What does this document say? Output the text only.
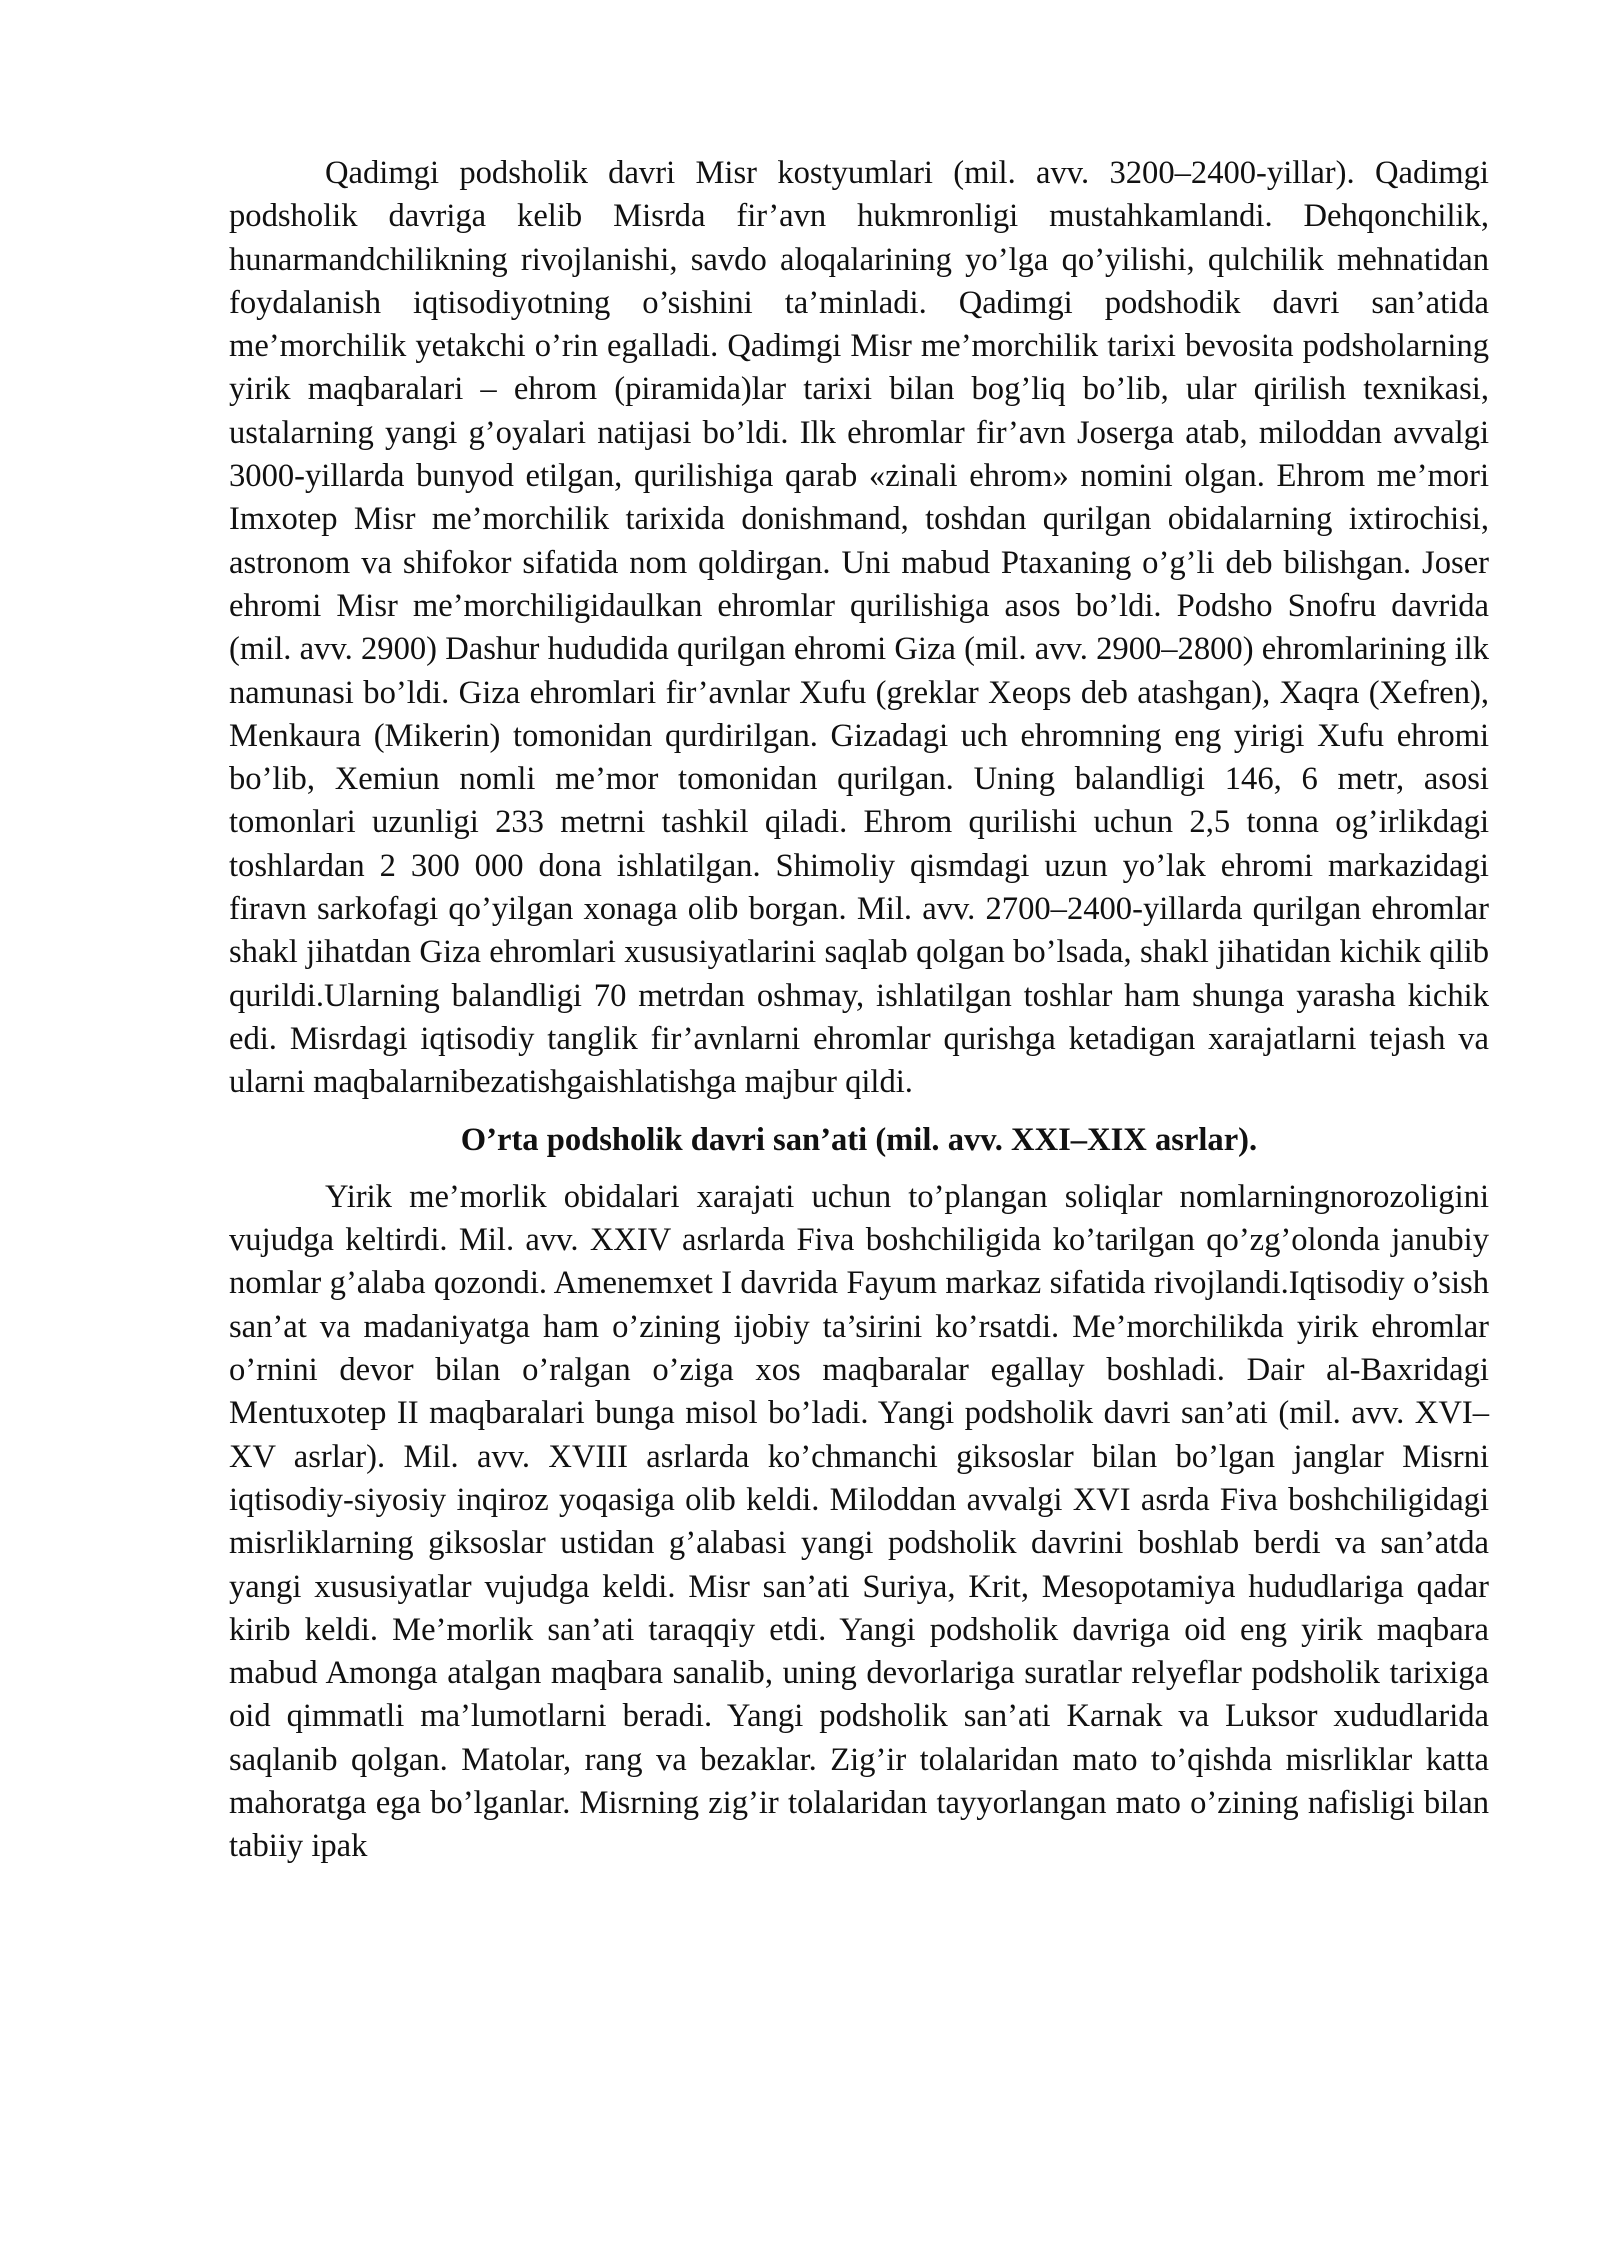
Qadimgi podsholik davri Misr kostyumlari (mil. avv. 3200–2400-yillar). Qadimgi podsholik davriga kelib Misrda fir’avn hukmronligi mustahkamlandi. Dehqonchilik, hunarmandchilikning rivojlanishi, savdo aloqalarining yo’lga qo’yilishi, qulchilik mehnatidan foydalanish iqtisodiyotning o’sishini ta’minladi. Qadimgi podshodik davri san’atida me’morchilik yetakchi o’rin egalladi. Qadimgi Misr me’morchilik tarixi bevosita podsholarning yirik maqbaralari – ehrom (piramida)lar tarixi bilan bog’liq bo’lib, ular qirilish texnikasi, ustalarning yangi g’oyalari natijasi bo’ldi. Ilk ehromlar fir’avn Joserga atab, miloddan avvalgi 3000-yillarda bunyod etilgan, qurilishiga qarab «zinali ehrom» nomini olgan. Ehrom me’mori Imxotep Misr me’morchilik tarixida donishmand, toshdan qurilgan obidalarning ixtirochisi, astronom va shifokor sifatida nom qoldirgan. Uni mabud Ptaxaning o’g’li deb bilishgan. Joser ehromi Misr me’morchiligidaulkan ehromlar qurilishiga asos bo’ldi. Podsho Snofru davrida (mil. avv. 2900) Dashur hududida qurilgan ehromi Giza (mil. avv. 2900–2800) ehromlarining ilk namunasi bo’ldi. Giza ehromlari fir’avnlar Xufu (greklar Xeops deb atashgan), Xaqra (Xefren), Menkaura (Mikerin) tomonidan qurdirilgan. Gizadagi uch ehromning eng yirigi Xufu ehromi bo’lib, Xemiun nomli me’mor tomonidan qurilgan. Uning balandligi 146, 6 metr, asosi tomonlari uzunligi 233 metrni tashkil qiladi. Ehrom qurilishi uchun 2,5 tonna og’irlikdagi toshlardan 2 300 000 dona ishlatilgan. Shimoliy qismdagi uzun yo’lak ehromi markazidagi firavn sarkofagi qo’yilgan xonaga olib borgan. Mil. avv. 2700–2400-yillarda qurilgan ehromlar shakl jihatdan Giza ehromlari xususiyatlarini saqlab qolgan bo’lsada, shakl jihatidan kichik qilib qurildi.Ularning balandligi 70 metrdan oshmay, ishlatilgan toshlar ham shunga yarasha kichik edi. Misrdagi iqtisodiy tanglik fir’avnlarni ehromlar qurishga ketadigan xarajatlarni tejash va ularni maqbalarnibezatishgaishlatishga majbur qildi.

O’rta podsholik davri san’ati (mil. avv. XXI–XIX asrlar).

Yirik me’morlik obidalari xarajati uchun to’plangan soliqlar nomlarningnorozoligini vujudga keltirdi. Mil. avv. XXIV asrlarda Fiva boshchiligida ko’tarilgan qo’zg’olonda janubiy nomlar g’alaba qozondi. Amenemxet I davrida Fayum markaz sifatida rivojlandi.Iqtisodiy o’sish san’at va madaniyatga ham o’zining ijobiy ta’sirini ko’rsatdi. Me’morchilikda yirik ehromlar o’rnini devor bilan o’ralgan o’ziga xos maqbaralar egallay boshladi. Dair al-Baxridagi Mentuxotep II maqbaralari bunga misol bo’ladi. Yangi podsholik davri san’ati (mil. avv. XVI–XV asrlar). Mil. avv. XVIII asrlarda ko’chmanchi giksoslar bilan bo’lgan janglar Misrni iqtisodiy-siyosiy inqiroz yoqasiga olib keldi. Miloddan avvalgi XVI asrda Fiva boshchiligidagi misrliklarning giksoslar ustidan g’alabasi yangi podsholik davrini boshlab berdi va san’atda yangi xususiyatlar vujudga keldi. Misr san’ati Suriya, Krit, Mesopotamiya hududlariga qadar kirib keldi. Me’morlik san’ati taraqqiy etdi. Yangi podsholik davriga oid eng yirik maqbara mabud Amonga atalgan maqbara sanalib, uning devorlariga suratlar relyeflar podsholik tarixiga oid qimmatli ma’lumotlarni beradi. Yangi podsholik san’ati Karnak va Luksor xududlarida saqlanib qolgan. Matolar, rang va bezaklar. Zig’ir tolalaridan mato to’qishda misrliklar katta mahoratga ega bo’lganlar. Misrning zig’ir tolalaridan tayyorlangan mato o’zining nafisligi bilan tabiiy ipak
